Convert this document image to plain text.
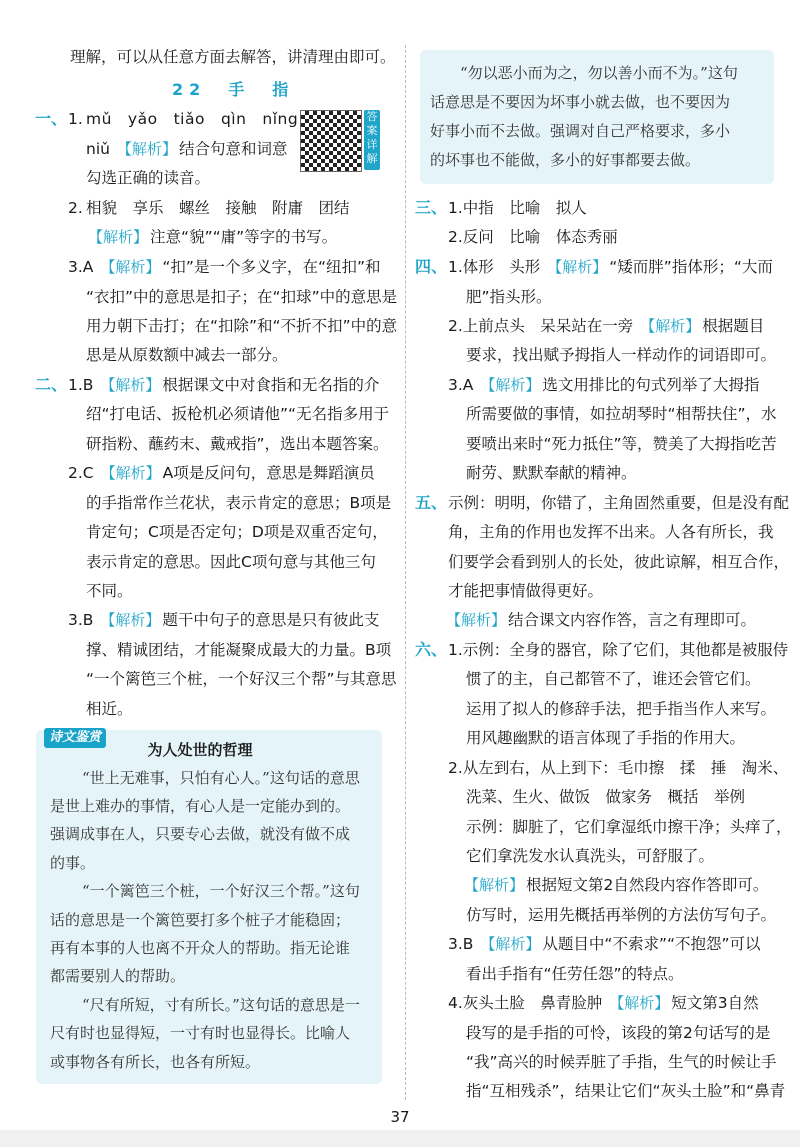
理解，可以从任意方面去解答，讲清理由即可。
22　手　指
答
案
详
解
一、 1. mǔ　yǎo　tiǎo　qìn　nǐng
niǔ 【 解析 】 结合句意和词意
勾选正确的读音。
2. 相貌　享乐　螺丝　接触　附庸　团结
【 解析 】 注意“貌”“庸”等字的书写。
3.A 【 解析 】 “扣”是一个多义字，在“纽扣”和
“衣扣”中的意思是扣子；在“扣球”中的意思是
用力朝下击打；在“扣除”和“不折不扣”中的意
思是从原数额中减去一部分。
二、 1.B 【 解析 】 根据课文中对食指和无名指的介
绍“打电话、扳枪机必须请他”“无名指多用于
研指粉、蘸药末、戴戒指”，选出本题答案。
2.C 【 解析 】 A项是反问句，意思是舞蹈演员
的手指常作兰花状，表示肯定的意思；B项是
肯定句；C项是否定句；D项是双重否定句，
表示肯定的意思。因此C项句意与其他三句
不同。
3.B 【 解析 】 题干中句子的意思是只有彼此支
撑、精诚团结，才能凝聚成最大的力量。B项
“一个篱笆三个桩，一个好汉三个帮”与其意思
相近。
诗文鉴赏
为人处世的哲理
“世上无难事，只怕有心人。”这句话的意思
是世上难办的事情，有心人是一定能办到的。
强调成事在人，只要专心去做，就没有做不成
的事。
“一个篱笆三个桩，一个好汉三个帮。”这句
话的意思是一个篱笆要打多个桩子才能稳固；
再有本事的人也离不开众人的帮助。指无论谁
都需要别人的帮助。
“尺有所短，寸有所长。”这句话的意思是一
尺有时也显得短，一寸有时也显得长。比喻人
或事物各有所长，也各有所短。
“勿以恶小而为之，勿以善小而不为。”这句
话意思是不要因为坏事小就去做，也不要因为
好事小而不去做。强调对自己严格要求，多小
的坏事也不能做，多小的好事都要去做。
三、 1.中指　比喻　拟人
2.反问　比喻　体态秀丽
四、 1.体形　头形 【 解析 】 “矮而胖”指体形；“大而
肥”指头形。
2.上前点头　呆呆站在一旁 【 解析 】 根据题目
要求，找出赋予拇指人一样动作的词语即可。
3.A 【 解析 】 选文用排比的句式列举了大拇指
所需要做的事情，如拉胡琴时“相帮扶住”，水
要喷出来时“死力抵住”等，赞美了大拇指吃苦
耐劳、默默奉献的精神。
五、 示例：明明，你错了，主角固然重要，但是没有配
角，主角的作用也发挥不出来。人各有所长，我
们要学会看到别人的长处，彼此谅解，相互合作，
才能把事情做得更好。
【 解析 】 结合课文内容作答，言之有理即可。
六、 1.示例：全身的器官，除了它们，其他都是被服侍
惯了的主，自己都管不了，谁还会管它们。
运用了拟人的修辞手法，把手指当作人来写。
用风趣幽默的语言体现了手指的作用大。
2.从左到右，从上到下：毛巾擦　揉　捶　淘米、
洗菜、生火、做饭　做家务　概括　举例
示例：脚脏了，它们拿湿纸巾擦干净；头痒了，
它们拿洗发水认真洗头，可舒服了。
【 解析 】 根据短文第2自然段内容作答即可。
仿写时，运用先概括再举例的方法仿写句子。
3.B 【 解析 】 从题目中“不索求”“不抱怨”可以
看出手指有“任劳任怨”的特点。
4.灰头土脸　鼻青脸肿 【 解析 】 短文第3自然
段写的是手指的可怜，该段的第2句话写的是
“我”高兴的时候弄脏了手指，生气的时候让手
指“互相残杀”，结果让它们“灰头土脸”和“鼻青
37
